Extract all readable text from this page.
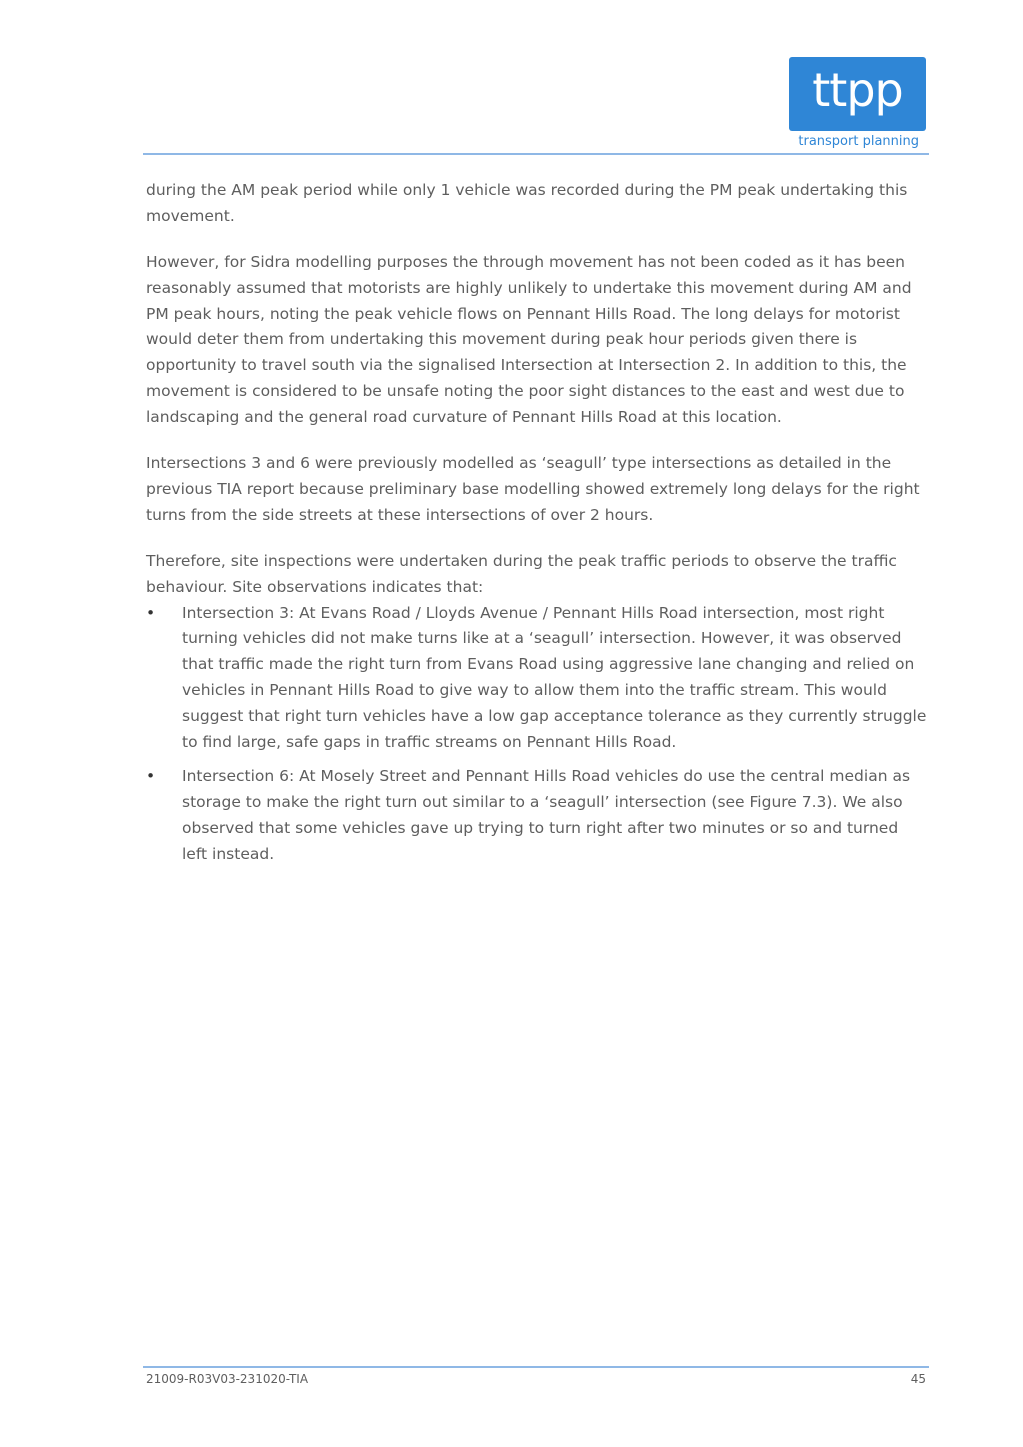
ttpp
transport planning

during the AM peak period while only 1 vehicle was recorded during the PM peak undertaking this movement.

However, for Sidra modelling purposes the through movement has not been coded as it has been reasonably assumed that motorists are highly unlikely to undertake this movement during AM and PM peak hours, noting the peak vehicle flows on Pennant Hills Road. The long delays for motorist would deter them from undertaking this movement during peak hour periods given there is opportunity to travel south via the signalised Intersection at Intersection 2. In addition to this, the movement is considered to be unsafe noting the poor sight distances to the east and west due to landscaping and the general road curvature of Pennant Hills Road at this location.

Intersections 3 and 6 were previously modelled as ‘seagull’ type intersections as detailed in the previous TIA report because preliminary base modelling showed extremely long delays for the right turns from the side streets at these intersections of over 2 hours.

Therefore, site inspections were undertaken during the peak traffic periods to observe the traffic behaviour. Site observations indicates that:

• Intersection 3: At Evans Road / Lloyds Avenue / Pennant Hills Road intersection, most right turning vehicles did not make turns like at a ‘seagull’ intersection. However, it was observed that traffic made the right turn from Evans Road using aggressive lane changing and relied on vehicles in Pennant Hills Road to give way to allow them into the traffic stream. This would suggest that right turn vehicles have a low gap acceptance tolerance as they currently struggle to find large, safe gaps in traffic streams on Pennant Hills Road.
• Intersection 6: At Mosely Street and Pennant Hills Road vehicles do use the central median as storage to make the right turn out similar to a ‘seagull’ intersection (see Figure 7.3). We also observed that some vehicles gave up trying to turn right after two minutes or so and turned left instead.
21009-R03V03-231020-TIA	45
